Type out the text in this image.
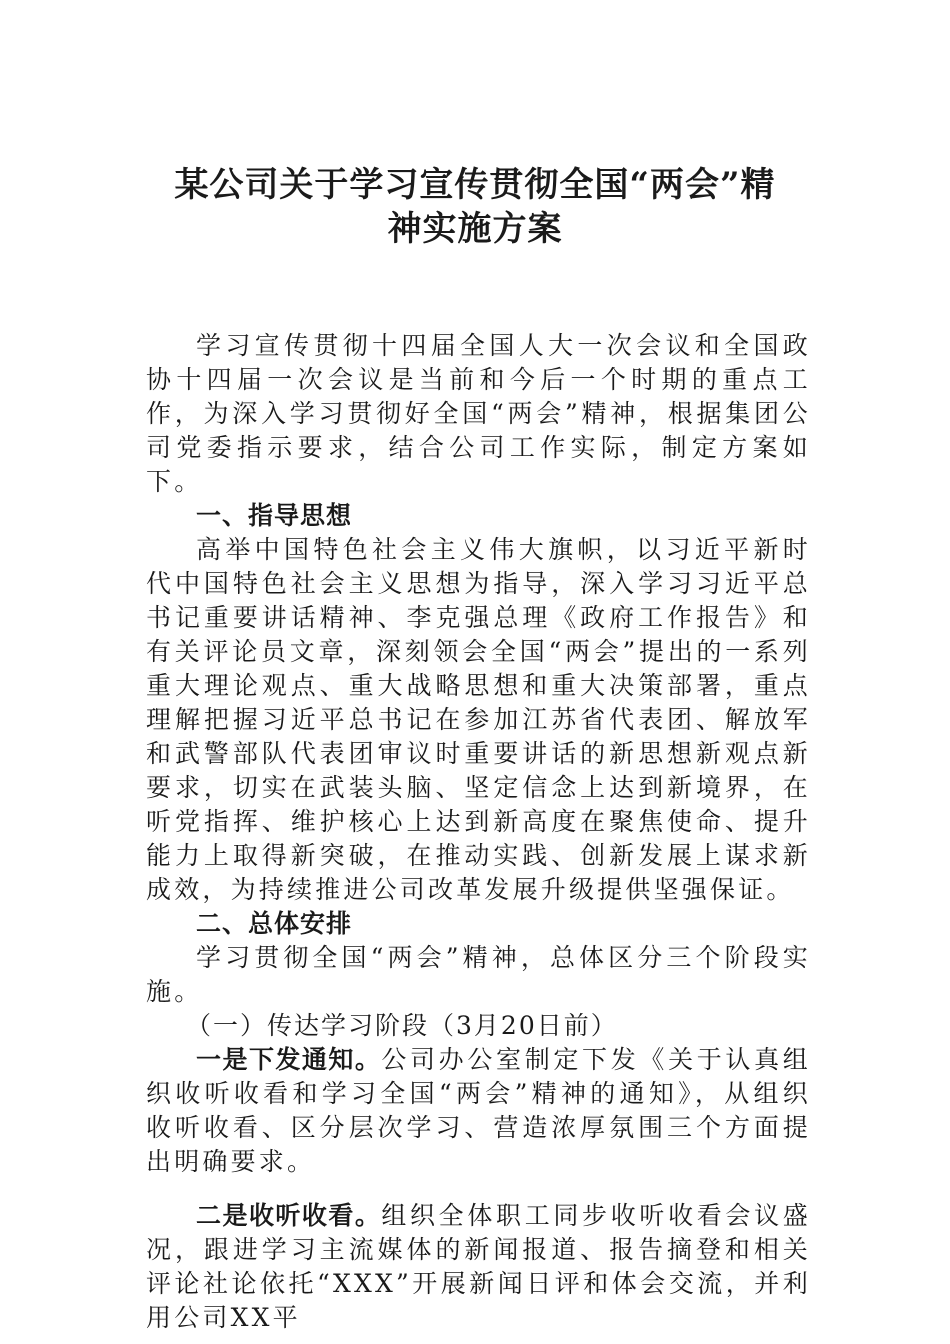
某公司关于学习宣传贯彻全国“两会”精
神实施方案

学习宣传贯彻十四届全国人大一次会议和全国政协十四届一次会议是当前和今后一个时期的重点工作，为深入学习贯彻好全国“两会”精神，根据集团公司党委指示要求，结合公司工作实际，制定方案如下。

一、指导思想

高举中国特色社会主义伟大旗帜，以习近平新时代中国特色社会主义思想为指导，深入学习习近平总书记重要讲话精神、李克强总理《政府工作报告》和有关评论员文章，深刻领会全国“两会”提出的一系列重大理论观点、重大战略思想和重大决策部署，重点理解把握习近平总书记在参加江苏省代表团、解放军和武警部队代表团审议时重要讲话的新思想新观点新要求，切实在武装头脑、坚定信念上达到新境界，在听党指挥、维护核心上达到新高度在聚焦使命、提升能力上取得新突破，在推动实践、创新发展上谋求新成效，为持续推进公司改革发展升级提供坚强保证。

二、总体安排

学习贯彻全国“两会”精神，总体区分三个阶段实施。

（一）传达学习阶段（3月20日前）

一是下发通知。公司办公室制定下发《关于认真组织收听收看和学习全国“两会”精神的通知》，从组织收听收看、区分层次学习、营造浓厚氛围三个方面提出明确要求。

二是收听收看。组织全体职工同步收听收看会议盛况，跟进学习主流媒体的新闻报道、报告摘登和相关评论社论依托“XXX”开展新闻日评和体会交流，并利用公司XX平
